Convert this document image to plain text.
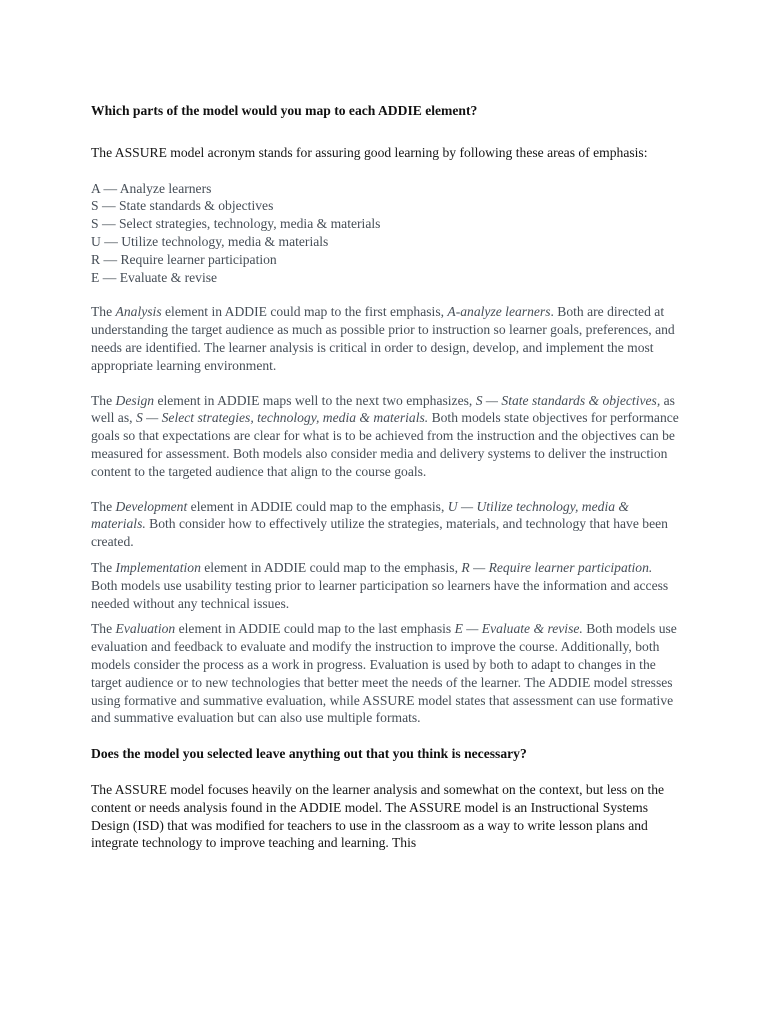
Which parts of the model would you map to each ADDIE element?

The ASSURE model acronym stands for assuring good learning by following these areas of emphasis:

A — Analyze learners
S — State standards & objectives
S — Select strategies, technology, media & materials
U — Utilize technology, media & materials
R — Require learner participation
E — Evaluate & revise

The Analysis element in ADDIE could map to the first emphasis, A-analyze learners. Both are directed at understanding the target audience as much as possible prior to instruction so learner goals, preferences, and needs are identified. The learner analysis is critical in order to design, develop, and implement the most appropriate learning environment.

The Design element in ADDIE maps well to the next two emphasizes, S — State standards & objectives, as well as, S — Select strategies, technology, media & materials. Both models state objectives for performance goals so that expectations are clear for what is to be achieved from the instruction and the objectives can be measured for assessment. Both models also consider media and delivery systems to deliver the instruction content to the targeted audience that align to the course goals.

The Development element in ADDIE could map to the emphasis, U — Utilize technology, media & materials. Both consider how to effectively utilize the strategies, materials, and technology that have been created.

The Implementation element in ADDIE could map to the emphasis, R — Require learner participation. Both models use usability testing prior to learner participation so learners have the information and access needed without any technical issues.

The Evaluation element in ADDIE could map to the last emphasis E — Evaluate & revise. Both models use evaluation and feedback to evaluate and modify the instruction to improve the course. Additionally, both models consider the process as a work in progress. Evaluation is used by both to adapt to changes in the target audience or to new technologies that better meet the needs of the learner. The ADDIE model stresses using formative and summative evaluation, while ASSURE model states that assessment can use formative and summative evaluation but can also use multiple formats.

Does the model you selected leave anything out that you think is necessary?

The ASSURE model focuses heavily on the learner analysis and somewhat on the context, but less on the content or needs analysis found in the ADDIE model. The ASSURE model is an Instructional Systems Design (ISD) that was modified for teachers to use in the classroom as a way to write lesson plans and integrate technology to improve teaching and learning. This
